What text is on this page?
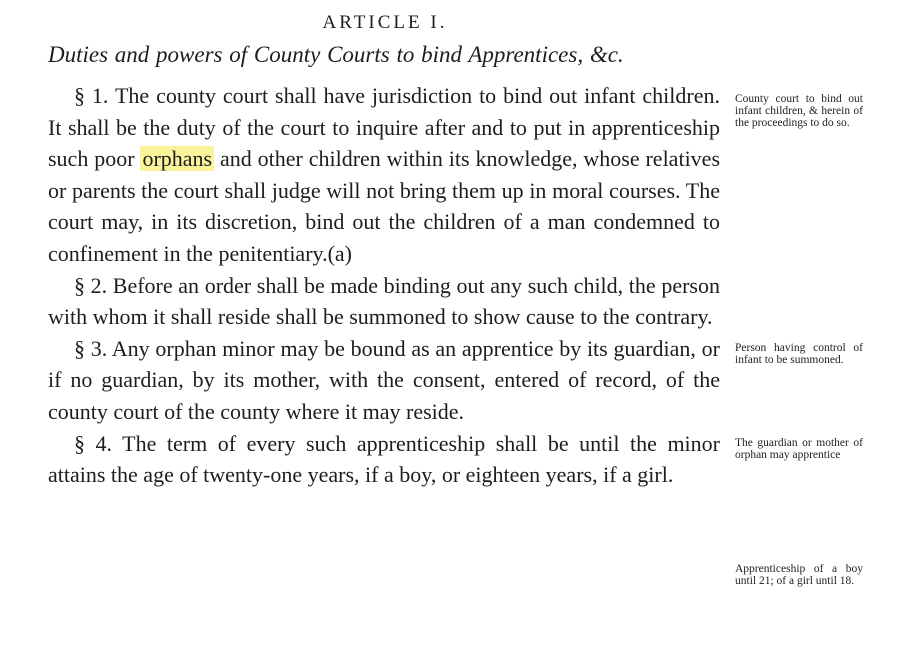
ARTICLE I.
Duties and powers of County Courts to bind Apprentices, &c.

§ 1. The county court shall have jurisdiction to bind out infant children. It shall be the duty of the court to inquire after and to put in apprenticeship such poor orphans and other children within its knowledge, whose relatives or parents the court shall judge will not bring them up in moral courses. The court may, in its discretion, bind out the children of a man condemned to confinement in the penitentiary.(a)

§ 2. Before an order shall be made binding out any such child, the person with whom it shall reside shall be summoned to show cause to the contrary.

§ 3. Any orphan minor may be bound as an apprentice by its guardian, or if no guardian, by its mother, with the consent, entered of record, of the county court of the county where it may reside.

§ 4. The term of every such apprenticeship shall be until the minor attains the age of twenty-one years, if a boy, or eighteen years, if a girl.

County court to bind out infant children, & herein of the proceedings to do so.
Person having control of infant to be summoned.
The guardian or mother of orphan may apprentice
Apprenticeship of a boy until 21; of a girl until 18.
